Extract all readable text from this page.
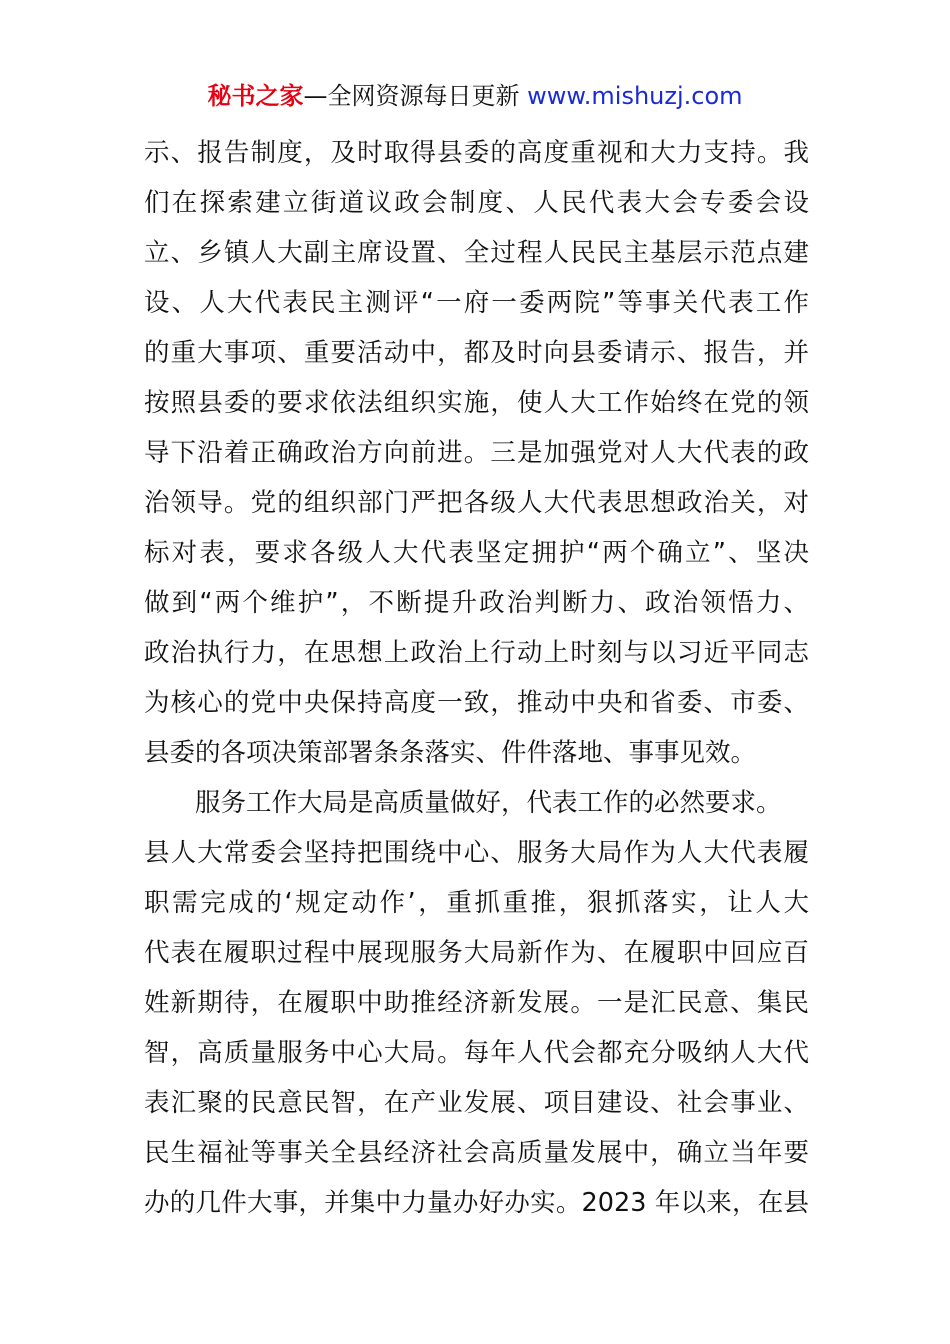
秘书之家—全网资源每日更新 www.mishuzj.com
示、报告制度，及时取得县委的高度重视和大力支持。我
们在探索建立街道议政会制度、人民代表大会专委会设
立、乡镇人大副主席设置、全过程人民民主基层示范点建
设、人大代表民主测评“一府一委两院”等事关代表工作
的重大事项、重要活动中，都及时向县委请示、报告，并
按照县委的要求依法组织实施，使人大工作始终在党的领
导下沿着正确政治方向前进。三是加强党对人大代表的政
治领导。党的组织部门严把各级人大代表思想政治关，对
标对表，要求各级人大代表坚定拥护“两个确立”、坚决
做到“两个维护”，不断提升政治判断力、政治领悟力、
政治执行力，在思想上政治上行动上时刻与以习近平同志
为核心的党中央保持高度一致，推动中央和省委、市委、
县委的各项决策部署条条落实、件件落地、事事见效。
服务工作大局是高质量做好，代表工作的必然要求。
县人大常委会坚持把围绕中心、服务大局作为人大代表履
职需完成的‘规定动作’，重抓重推，狠抓落实，让人大
代表在履职过程中展现服务大局新作为、在履职中回应百
姓新期待，在履职中助推经济新发展。一是汇民意、集民
智，高质量服务中心大局。每年人代会都充分吸纳人大代
表汇聚的民意民智，在产业发展、项目建设、社会事业、
民生福祉等事关全县经济社会高质量发展中，确立当年要
办的几件大事，并集中力量办好办实。2023 年以来，在县
